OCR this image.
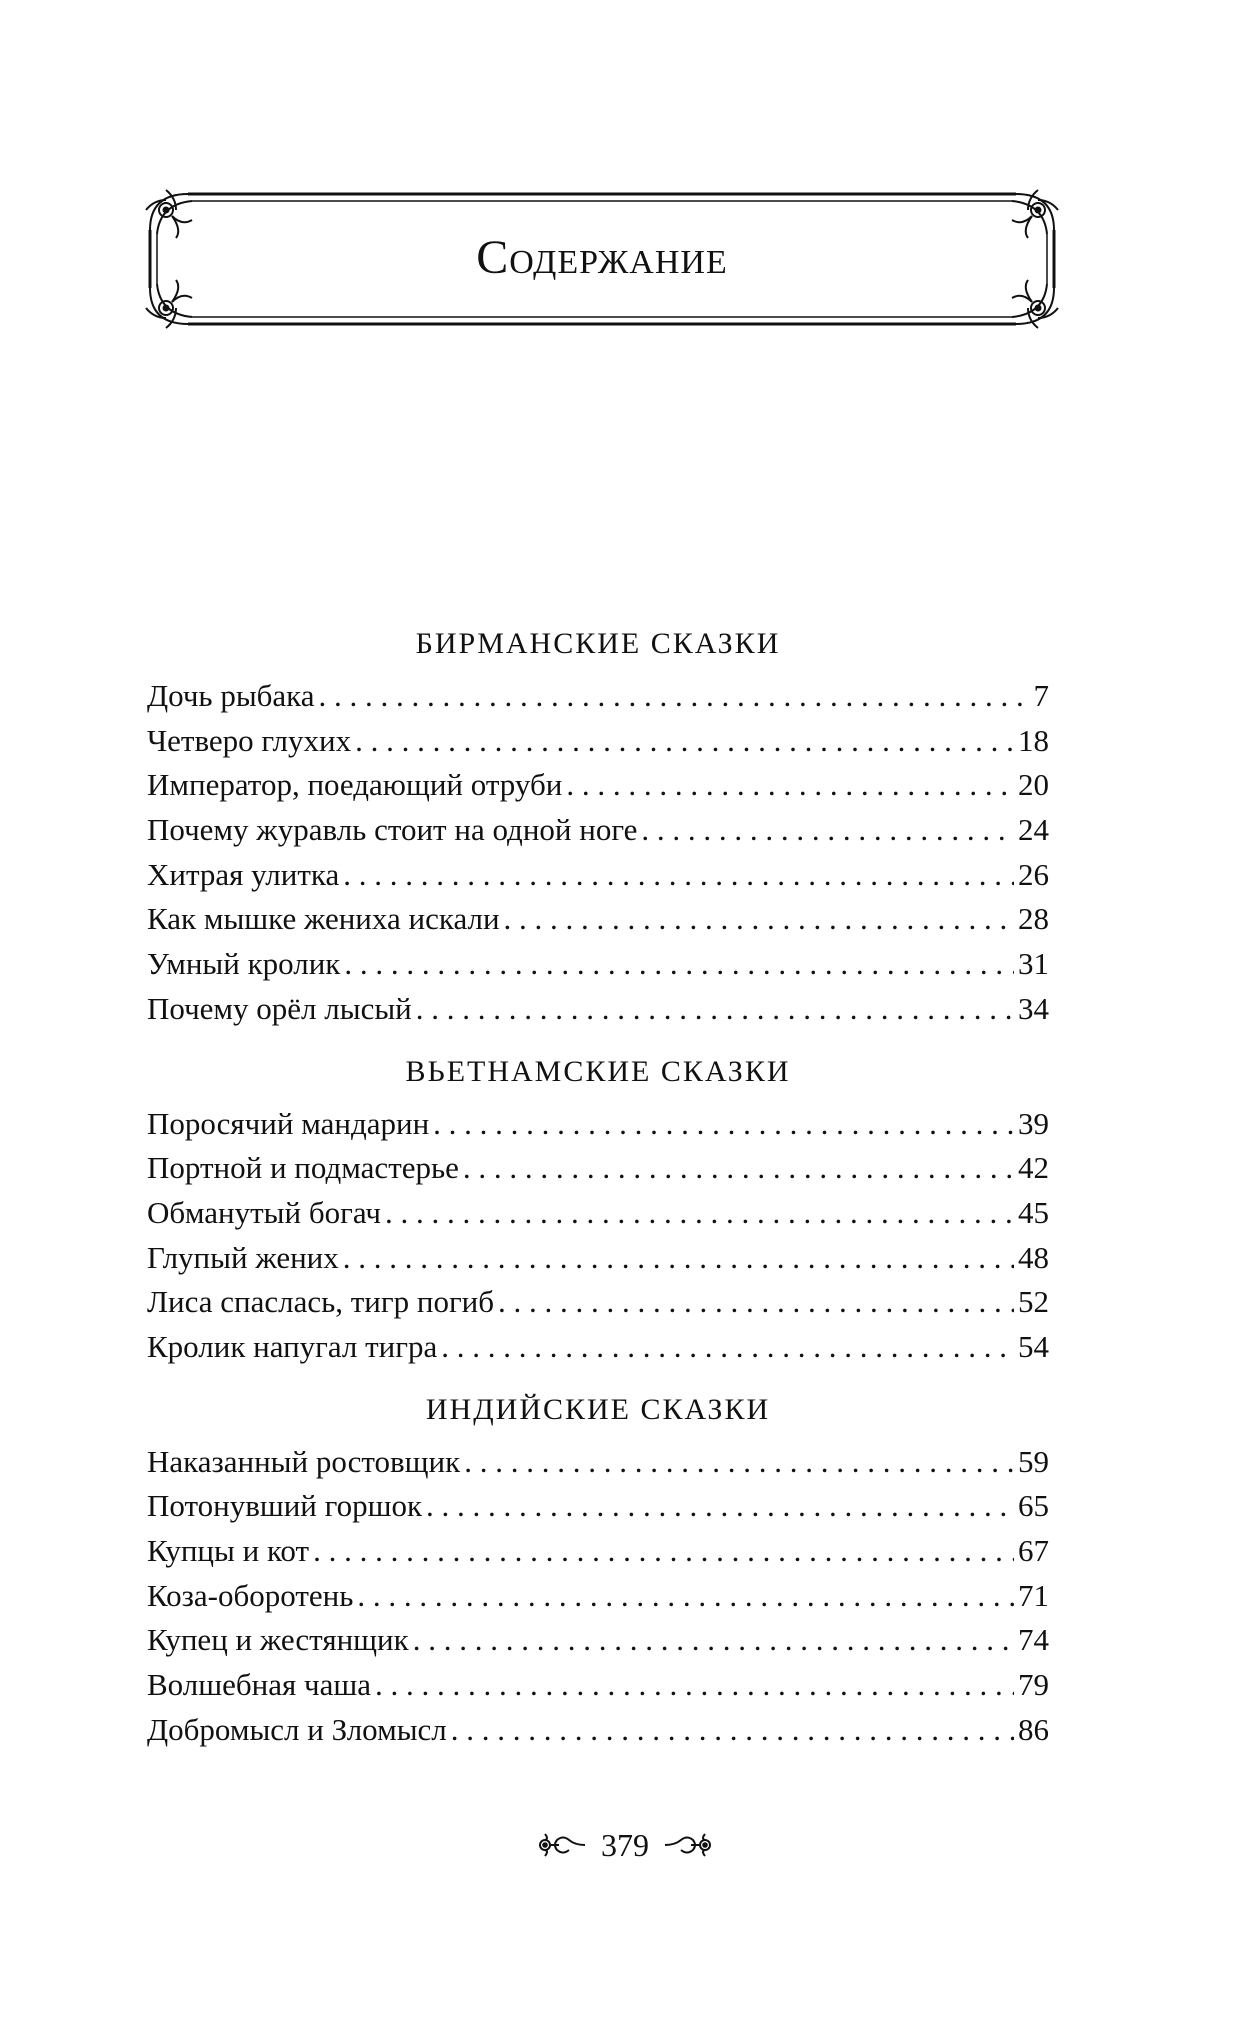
Содержание
БИРМАНСКИЕ СКАЗКИ
Дочь рыбака . . .	7
Четверо глухих . . .	18
Император, поедающий отруби . . .	20
Почему журавль стоит на одной ноге . . .	24
Хитрая улитка . . .	26
Как мышке жениха искали . . .	28
Умный кролик . . .	31
Почему орёл лысый . . .	34
ВЬЕТНАМСКИЕ СКАЗКИ
Поросячий мандарин . . .	39
Портной и подмастерье . . .	42
Обманутый богач . . .	45
Глупый жених . . .	48
Лиса спаслась, тигр погиб . . .	52
Кролик напугал тигра . . .	54
ИНДИЙСКИЕ СКАЗКИ
Наказанный ростовщик . . .	59
Потонувший горшок . . .	65
Купцы и кот . . .	67
Коза-оборотень . . .	71
Купец и жестянщик . . .	74
Волшебная чаша . . .	79
Добромысл и Зломысл . . .	86
379
